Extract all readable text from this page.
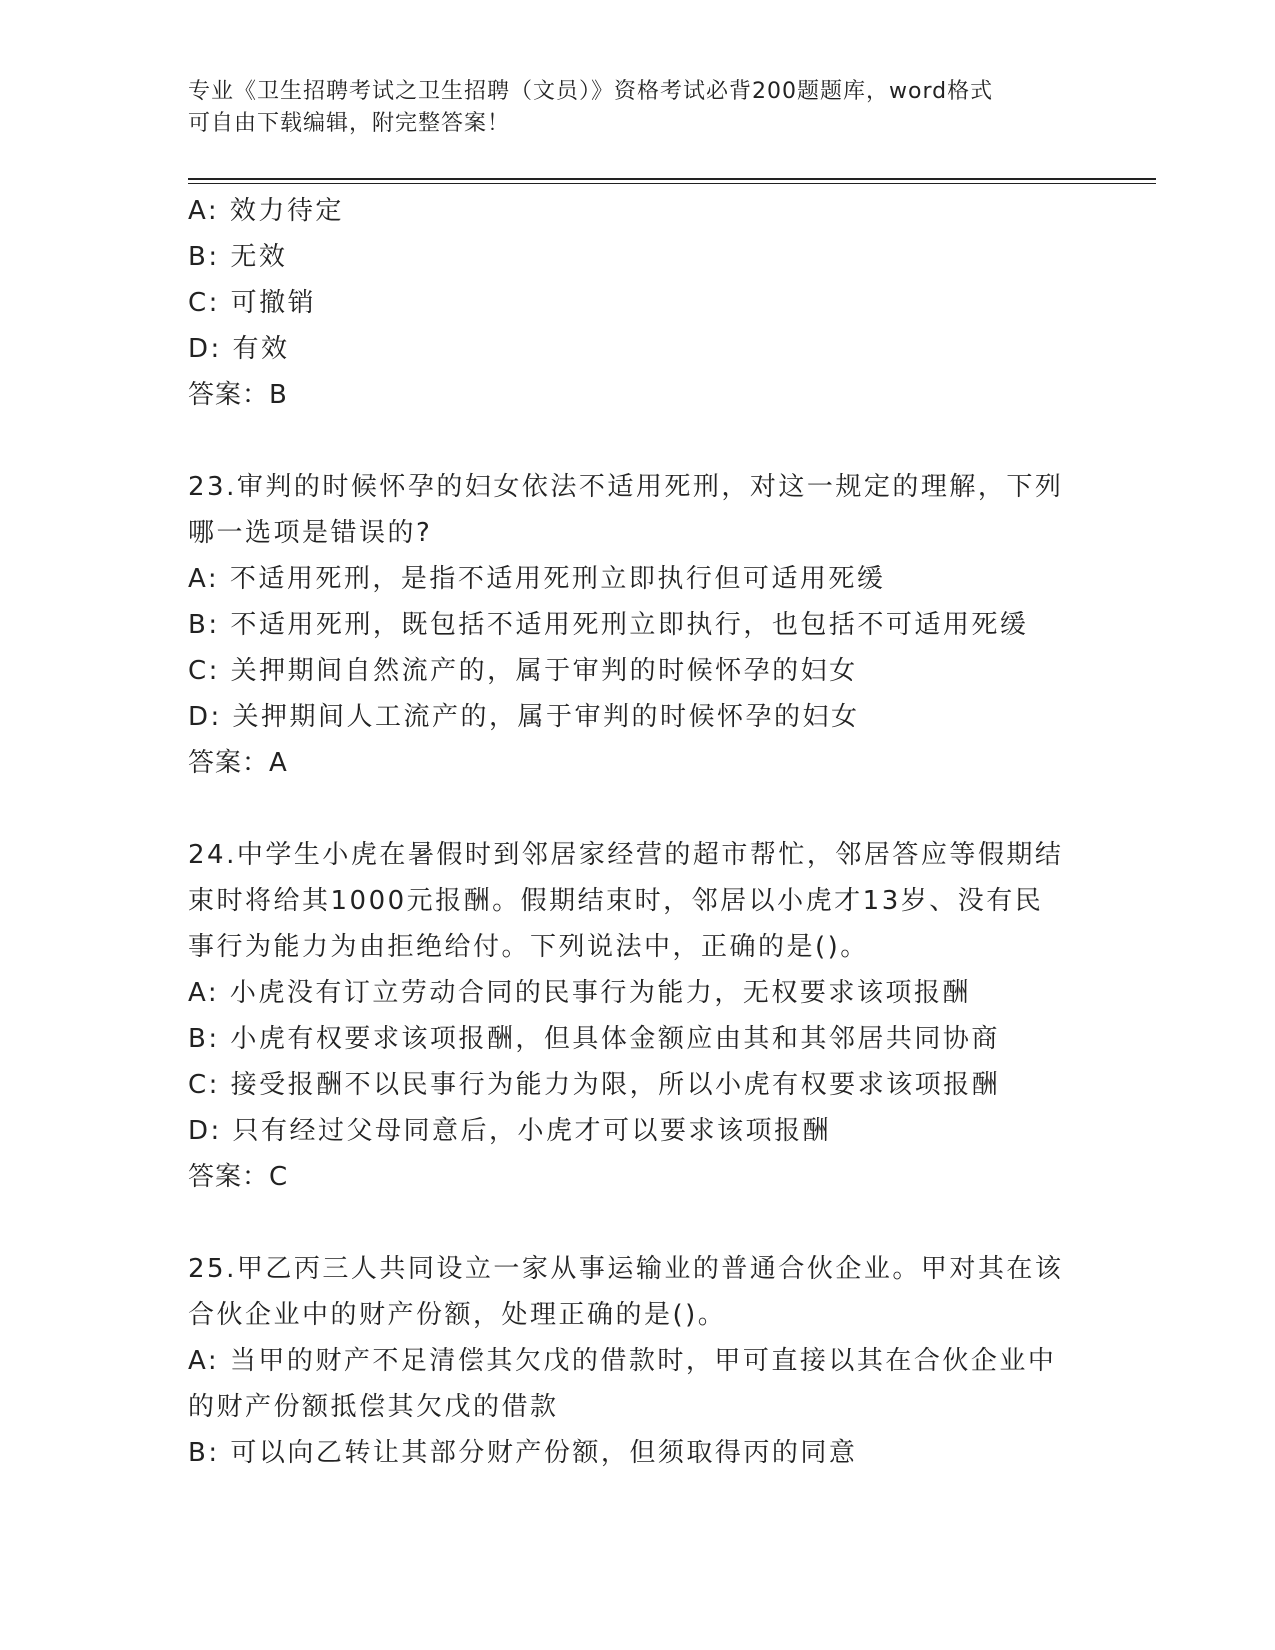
专业《卫生招聘考试之卫生招聘（文员）》资格考试必背200题题库，word格式
可自由下载编辑，附完整答案！
A: 效力待定
B: 无效
C: 可撤销
D: 有效
答案：B
23.审判的时候怀孕的妇女依法不适用死刑，对这一规定的理解，下列
哪一选项是错误的?
A: 不适用死刑，是指不适用死刑立即执行但可适用死缓
B: 不适用死刑，既包括不适用死刑立即执行，也包括不可适用死缓
C: 关押期间自然流产的，属于审判的时候怀孕的妇女
D: 关押期间人工流产的，属于审判的时候怀孕的妇女
答案：A
24.中学生小虎在暑假时到邻居家经营的超市帮忙，邻居答应等假期结
束时将给其1000元报酬。假期结束时，邻居以小虎才13岁、没有民
事行为能力为由拒绝给付。下列说法中，正确的是()。
A: 小虎没有订立劳动合同的民事行为能力，无权要求该项报酬
B: 小虎有权要求该项报酬，但具体金额应由其和其邻居共同协商
C: 接受报酬不以民事行为能力为限，所以小虎有权要求该项报酬
D: 只有经过父母同意后，小虎才可以要求该项报酬
答案：C
25.甲乙丙三人共同设立一家从事运输业的普通合伙企业。甲对其在该
合伙企业中的财产份额，处理正确的是()。
A: 当甲的财产不足清偿其欠戊的借款时，甲可直接以其在合伙企业中
的财产份额抵偿其欠戊的借款
B: 可以向乙转让其部分财产份额，但须取得丙的同意
